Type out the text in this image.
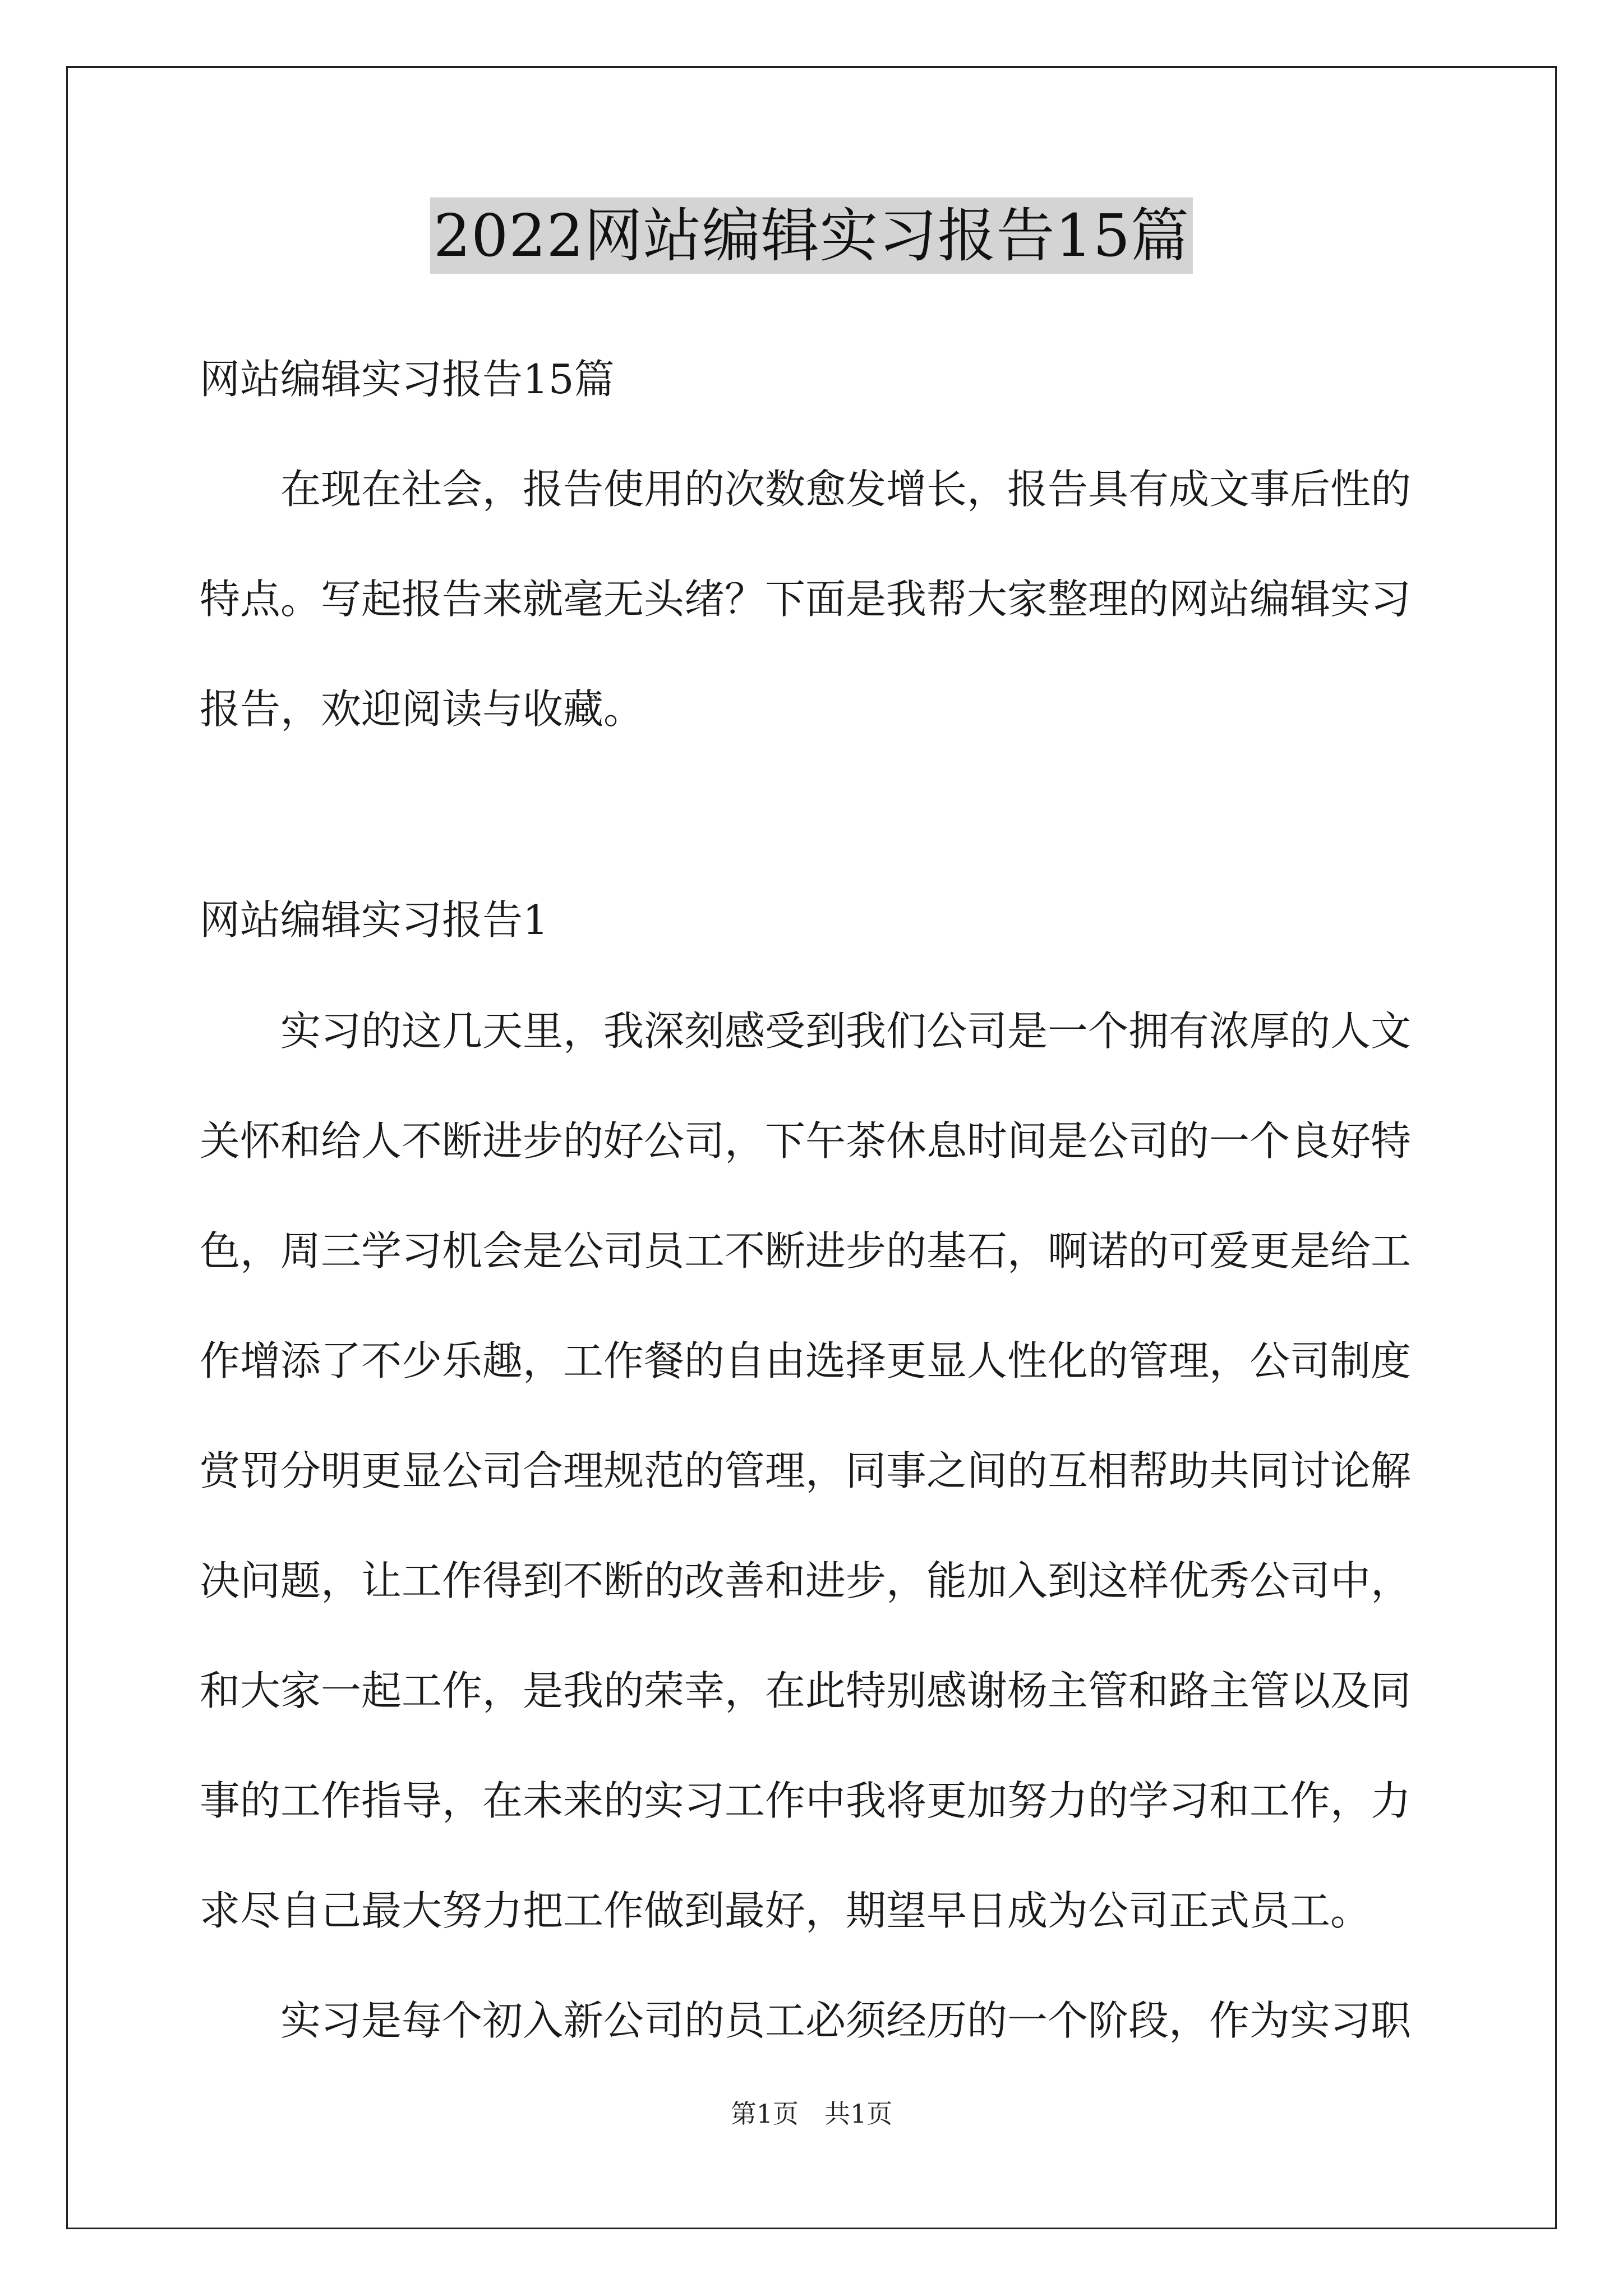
2022网站编辑实习报告15篇
网站编辑实习报告15篇
在现在社会，报告使用的次数愈发增长，报告具有成文事后性的
特点。写起报告来就毫无头绪？下面是我帮大家整理的网站编辑实习
报告，欢迎阅读与收藏。
网站编辑实习报告1
实习的这几天里，我深刻感受到我们公司是一个拥有浓厚的人文
关怀和给人不断进步的好公司，下午茶休息时间是公司的一个良好特
色，周三学习机会是公司员工不断进步的基石，啊诺的可爱更是给工
作增添了不少乐趣，工作餐的自由选择更显人性化的管理，公司制度
赏罚分明更显公司合理规范的管理，同事之间的互相帮助共同讨论解
决问题，让工作得到不断的改善和进步，能加入到这样优秀公司中，
和大家一起工作，是我的荣幸，在此特别感谢杨主管和路主管以及同
事的工作指导，在未来的实习工作中我将更加努力的学习和工作，力
求尽自己最大努力把工作做到最好，期望早日成为公司正式员工。
实习是每个初入新公司的员工必须经历的一个阶段，作为实习职
第1页　共1页
